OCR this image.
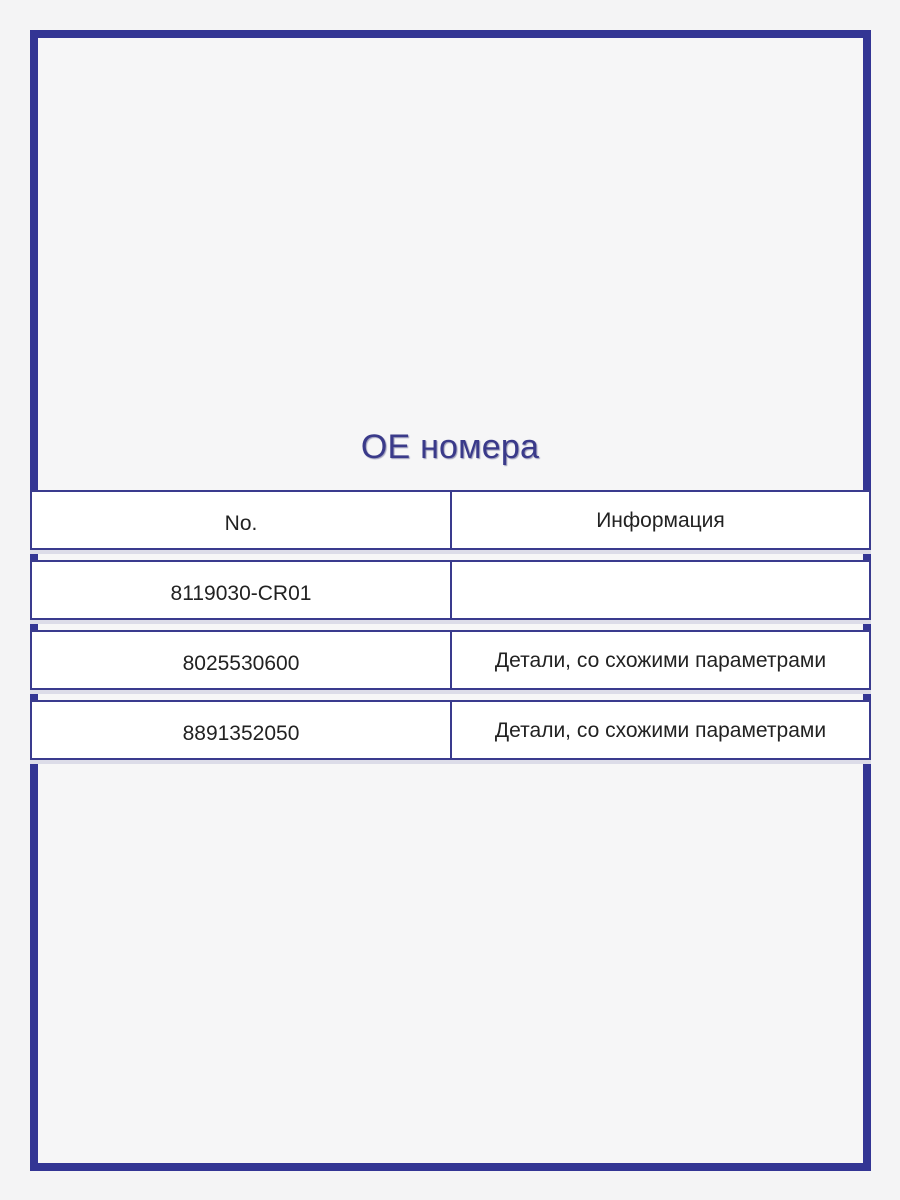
OE номера
No.	Информация
8119030-CR01
8025530600	Детали, со схожими параметрами
8891352050	Детали, со схожими параметрами
